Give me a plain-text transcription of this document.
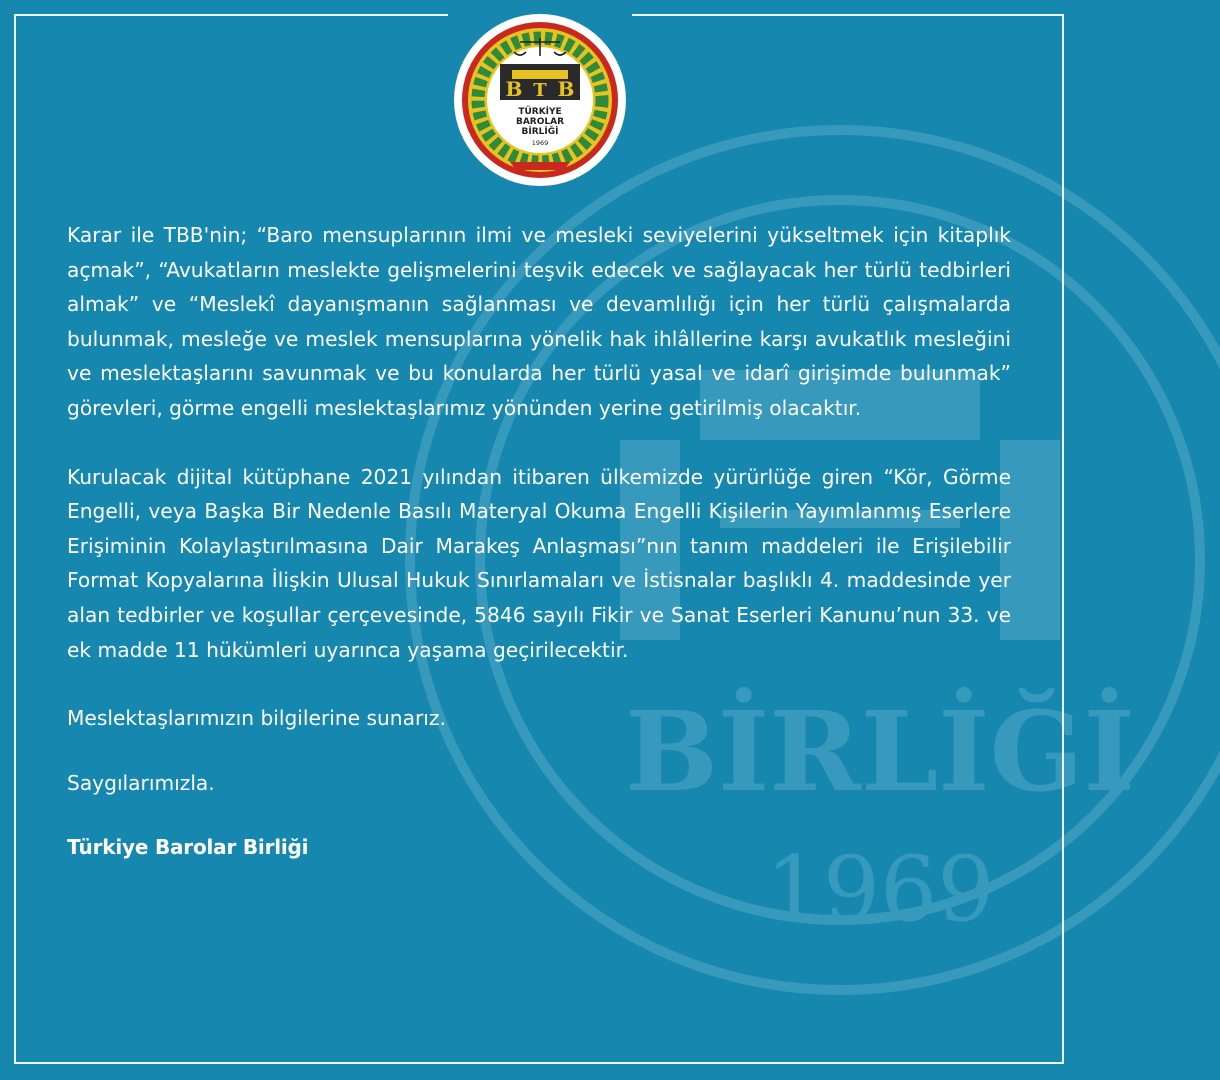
BİRLİĞİ
1969
B T B
TÜRKİYE
BAROLAR
BİRLİĞİ
1969

Karar ile TBB'nin; “Baro mensuplarının ilmi ve mesleki seviyelerini yükseltmek için kitaplık açmak”, “Avukatların meslekte gelişmelerini teşvik edecek ve sağlayacak her türlü tedbirleri almak” ve “Meslekî dayanışmanın sağlanması ve devamlılığı için her türlü çalışmalarda bulunmak, mesleğe ve meslek mensuplarına yönelik hak ihlâllerine karşı avukatlık mesleğini ve meslektaşlarını savunmak ve bu konularda her türlü yasal ve idarî girişimde bulunmak” görevleri, görme engelli meslektaşlarımız yönünden yerine getirilmiş olacaktır.

Kurulacak dijital kütüphane 2021 yılından itibaren ülkemizde yürürlüğe giren “Kör, Görme Engelli, veya Başka Bir Nedenle Basılı Materyal Okuma Engelli Kişilerin Yayımlanmış Eserlere Erişiminin Kolaylaştırılmasına Dair Marakeş Anlaşması”nın tanım maddeleri ile Erişilebilir Format Kopyalarına İlişkin Ulusal Hukuk Sınırlamaları ve İstisnalar başlıklı 4. maddesinde yer alan tedbirler ve koşullar çerçevesinde, 5846 sayılı Fikir ve Sanat Eserleri Kanunu’nun 33. ve ek madde 11 hükümleri uyarınca yaşama geçirilecektir.

Meslektaşlarımızın bilgilerine sunarız.

Saygılarımızla.

Türkiye Barolar Birliği
